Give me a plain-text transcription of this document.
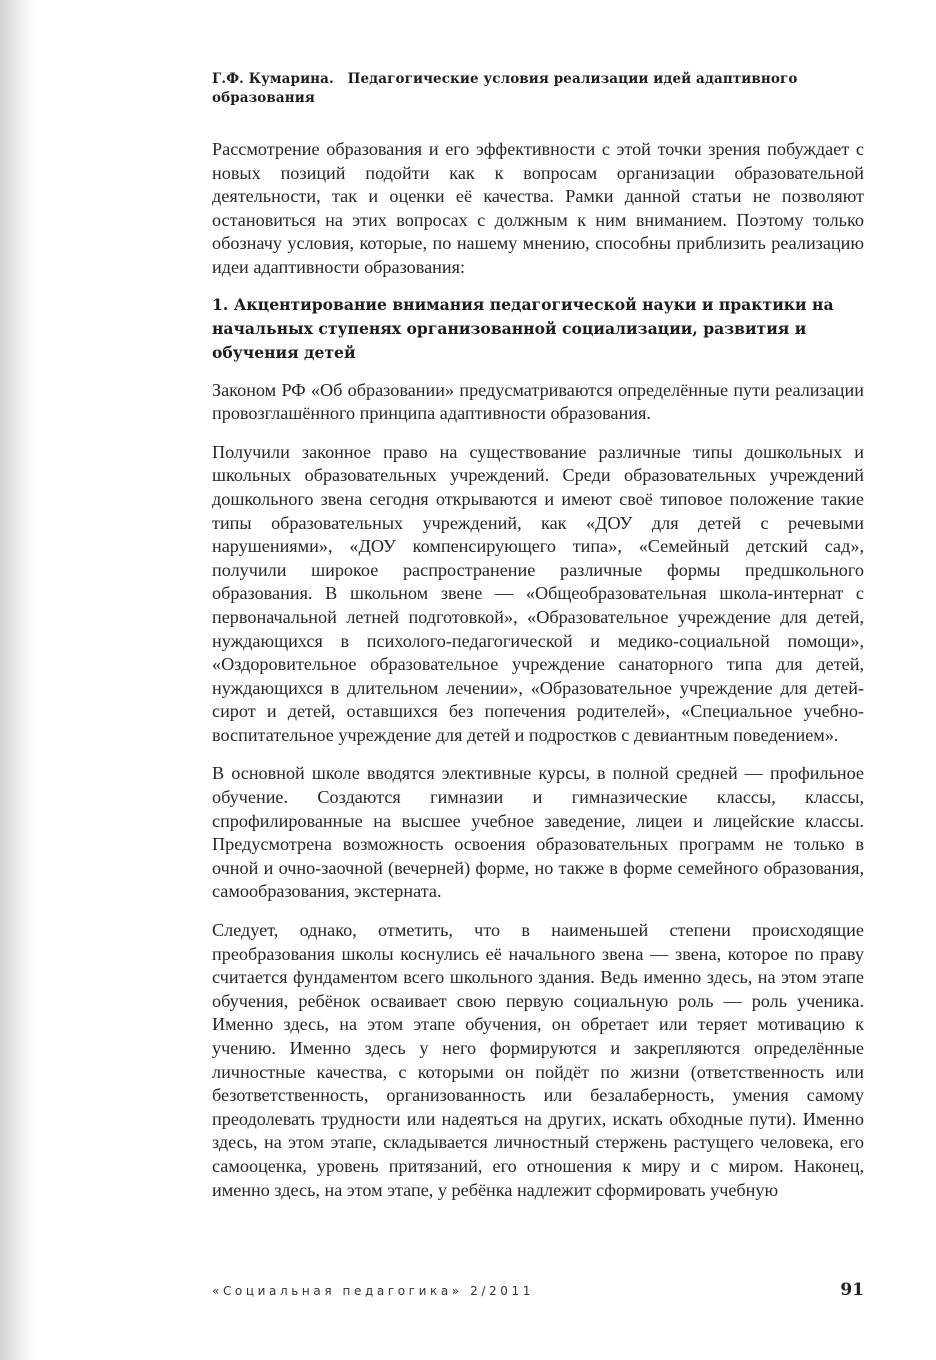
Г.Ф. Кумарина. Педагогические условия реализации идей адаптивного образования

Рассмотрение образования и его эффективности с этой точки зрения побуждает с новых позиций подойти как к вопросам организации образовательной деятельности, так и оценки её качества. Рамки данной статьи не позволяют остановиться на этих вопросах с должным к ним вниманием. Поэтому только обозначу условия, которые, по нашему мнению, способны приблизить реализацию идеи адаптивности образования:

1. Акцентирование внимания педагогической науки и практики на начальных ступенях организованной социализации, развития и обучения детей

Законом РФ «Об образовании» предусматриваются определённые пути реализации провозглашённого принципа адаптивности образования.

Получили законное право на существование различные типы дошкольных и школьных образовательных учреждений. Среди образовательных учреждений дошкольного звена сегодня открываются и имеют своё типовое положение такие типы образовательных учреждений, как «ДОУ для детей с речевыми нарушениями», «ДОУ компенсирующего типа», «Семейный детский сад», получили широкое распространение различные формы предшкольного образования. В школьном звене — «Общеобразовательная школа-интернат с первоначальной летней подготовкой», «Образовательное учреждение для детей, нуждающихся в психолого-педагогической и медико-социальной помощи», «Оздоровительное образовательное учреждение санаторного типа для детей, нуждающихся в длительном лечении», «Образовательное учреждение для детей-сирот и детей, оставшихся без попечения родителей», «Специальное учебно-воспитательное учреждение для детей и подростков с девиантным поведением».

В основной школе вводятся элективные курсы, в полной средней — профильное обучение. Создаются гимназии и гимназические классы, классы, спрофилированные на высшее учебное заведение, лицеи и лицейские классы. Предусмотрена возможность освоения образовательных программ не только в очной и очно-заочной (вечерней) форме, но также в форме семейного образования, самообразования, экстерната.

Следует, однако, отметить, что в наименьшей степени происходящие преобразования школы коснулись её начального звена — звена, которое по праву считается фундаментом всего школьного здания. Ведь именно здесь, на этом этапе обучения, ребёнок осваивает свою первую социальную роль — роль ученика. Именно здесь, на этом этапе обучения, он обретает или теряет мотивацию к учению. Именно здесь у него формируются и закрепляются определённые личностные качества, с которыми он пойдёт по жизни (ответственность или безответственность, организованность или безалаберность, умения самому преодолевать трудности или надеяться на других, искать обходные пути). Именно здесь, на этом этапе, складывается личностный стержень растущего человека, его самооценка, уровень притязаний, его отношения к миру и с миром. Наконец, именно здесь, на этом этапе, у ребёнка надлежит сформировать учебную

«Социальная педагогика» 2/2011	91
